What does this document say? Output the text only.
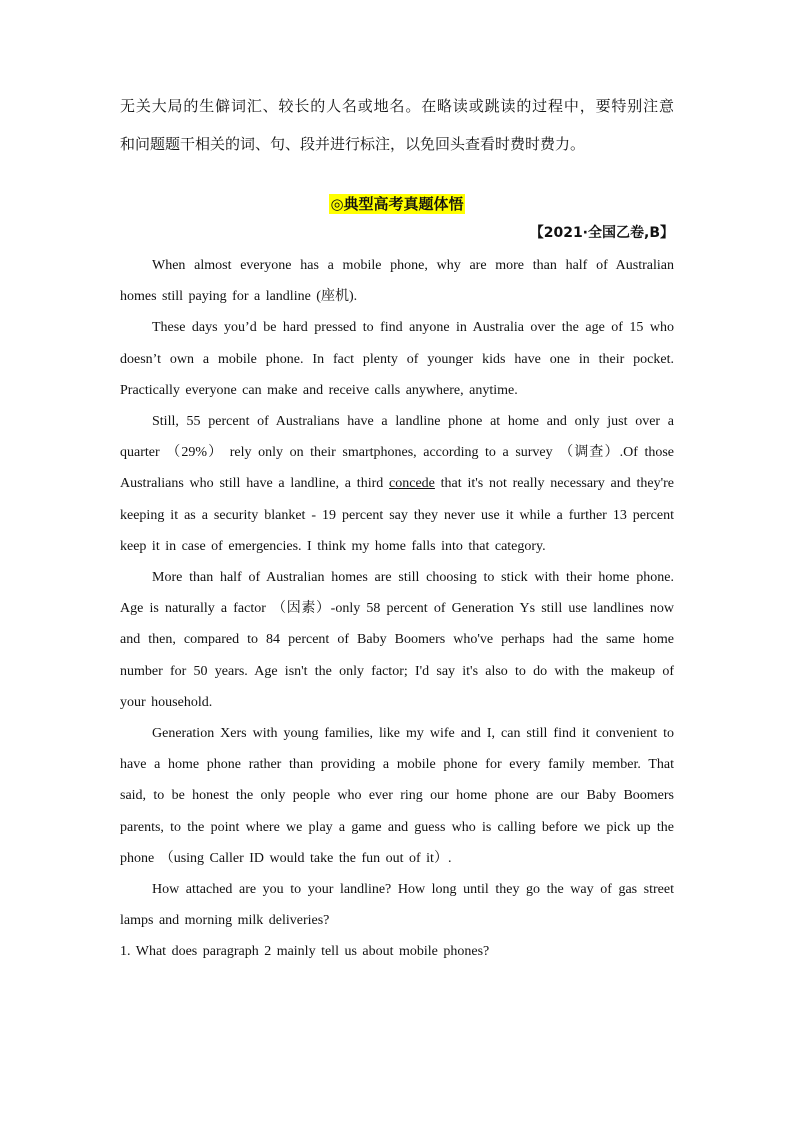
无关大局的生僻词汇、较长的人名或地名。在略读或跳读的过程中，要特别注意

和问题题干相关的词、句、段并进行标注，以免回头查看时费时费力。

◎典型高考真题体悟
【2021·全国乙卷,B】

When almost everyone has a mobile phone, why are more than half of Australian homes still paying for a landline (座机).

These days you’d be hard pressed to find anyone in Australia over the age of 15 who doesn’t own a mobile phone. In fact plenty of younger kids have one in their pocket. Practically everyone can make and receive calls anywhere, anytime.

Still, 55 percent of Australians have a landline phone at home and only just over a quarter （29%） rely only on their smartphones, according to a survey （调查）.Of those Australians who still have a landline, a third concede that it's not really necessary and they're keeping it as a security blanket - 19 percent say they never use it while a further 13 percent keep it in case of emergencies. I think my home falls into that category.

More than half of Australian homes are still choosing to stick with their home phone. Age is naturally a factor （因素）-only 58 percent of Generation Ys still use landlines now and then, compared to 84 percent of Baby Boomers who've perhaps had the same home number for 50 years. Age isn't the only factor; I'd say it's also to do with the makeup of your household.

Generation Xers with young families, like my wife and I, can still find it convenient to have a home phone rather than providing a mobile phone for every family member. That said, to be honest the only people who ever ring our home phone are our Baby Boomers parents, to the point where we play a game and guess who is calling before we pick up the phone （using Caller ID would take the fun out of it）.

How attached are you to your landline? How long until they go the way of gas street lamps and morning milk deliveries?

1. What does paragraph 2 mainly tell us about mobile phones?
